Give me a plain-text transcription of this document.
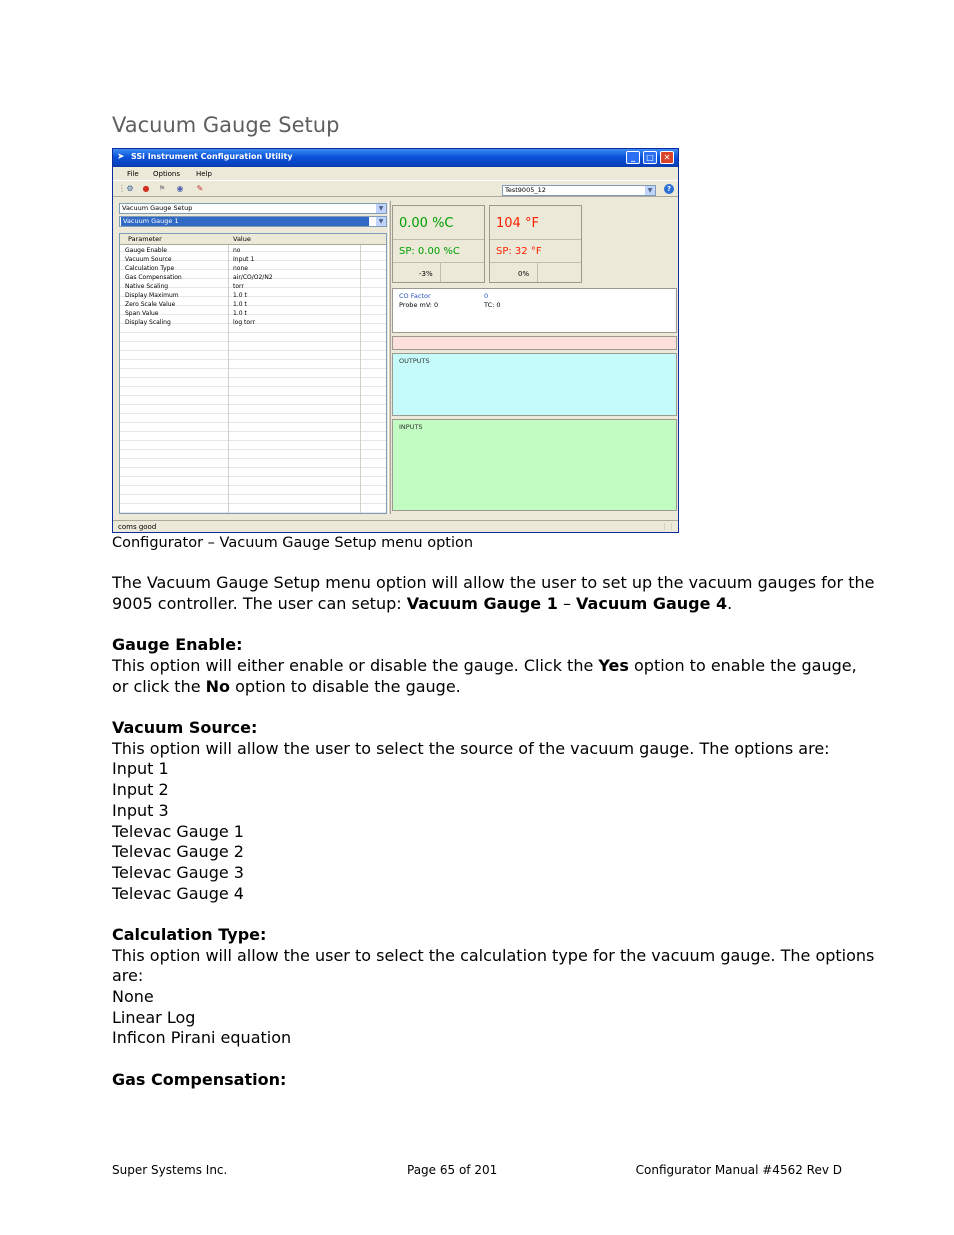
Vacuum Gauge Setup
➤ SSi Instrument Configuration Utility	_	□	✕
File Options Help
⋮ ⚙ ● ⚑ ◉ ✎	Test9005_12	▼	?
Vacuum Gauge Setup	▼
Vacuum Gauge 1	▼
Parameter	Value
Gauge Enable	no
Vacuum Source	Input 1
Calculation Type	none
Gas Compensation	air/CO/O2/N2
Native Scaling	torr
Display Maximum	1.0 t
Zero Scale Value	1.0 t
Span Value	1.0 t
Display Scaling	log torr
0.00 %C
SP: 0.00 %C
-3%
104 °F
SP: 32 °F
0%
CO Factor	0
Probe mV: 0	TC: 0
OUTPUTS
INPUTS
coms good	⋮⋮
Configurator – Vacuum Gauge Setup menu option
The Vacuum Gauge Setup menu option will allow the user to set up the vacuum gauges for the
9005 controller. The user can setup: Vacuum Gauge 1 – Vacuum Gauge 4.
Gauge Enable:
This option will either enable or disable the gauge. Click the Yes option to enable the gauge,
or click the No option to disable the gauge.
Vacuum Source:
This option will allow the user to select the source of the vacuum gauge. The options are:
Input 1
Input 2
Input 3
Televac Gauge 1
Televac Gauge 2
Televac Gauge 3
Televac Gauge 4
Calculation Type:
This option will allow the user to select the calculation type for the vacuum gauge. The options
are:
None
Linear Log
Inficon Pirani equation
Gas Compensation:
Super Systems Inc.	Page 65 of 201	Configurator Manual #4562 Rev D
